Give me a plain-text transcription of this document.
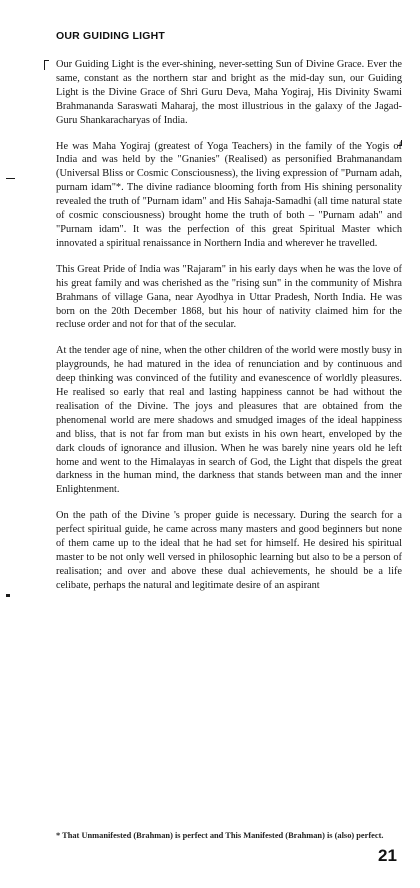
OUR GUIDING LIGHT

Our Guiding Light is the ever-shining, never-setting Sun of Divine Grace. Ever the same, constant as the northern star and bright as the mid-day sun, our Guiding Light is the Divine Grace of Shri Guru Deva, Maha Yogiraj, His Divinity Swami Brahmananda Saraswati Maharaj, the most illustrious in the galaxy of the Jagad-Guru Shankaracharyas of India.

He was Maha Yogiraj (greatest of Yoga Teachers) in the family of the Yogis of India and was held by the "Gnanies" (Realised) as personified Brahmanandam (Universal Bliss or Cosmic Consciousness), the living expression of "Purnam adah, purnam idam"*. The divine radiance blooming forth from His shining personality revealed the truth of "Purnam idam" and His Sahaja-Samadhi (all time natural state of cosmic consciousness) brought home the truth of both – "Purnam adah" and "Purnam idam". It was the perfection of this great Spiritual Master which innovated a spiritual renaissance in Northern India and wherever he travelled.

This Great Pride of India was "Rajaram" in his early days when he was the love of his great family and was cherished as the "rising sun" in the community of Mishra Brahmans of village Gana, near Ayodhya in Uttar Pradesh, North India. He was born on the 20th December 1868, but his hour of nativity claimed him for the recluse order and not for that of the secular.

At the tender age of nine, when the other children of the world were mostly busy in playgrounds, he had matured in the idea of renunciation and by continuous and deep thinking was convinced of the futility and evanescence of worldly pleasures. He realised so early that real and lasting happiness cannot be had without the realisation of the Divine. The joys and pleasures that are obtained from the phenomenal world are mere shadows and smudged images of the ideal happiness and bliss, that is not far from man but exists in his own heart, enveloped by the dark clouds of ignorance and illusion. When he was barely nine years old he left home and went to the Himalayas in search of God, the Light that dispels the great darkness in the human mind, the darkness that stands between man and the inner Enlightenment.

On the path of the Divine 's proper guide is necessary. During the search for a perfect spiritual guide, he came across many masters and good beginners but none of them came up to the ideal that he had set for himself. He desired his spiritual master to be not only well versed in philosophic learning but also to be a person of realisation; and over and above these dual achievements, he should be a life celibate, perhaps the natural and legitimate desire of an aspirant

* That Unmanifested (Brahman) is perfect and This Manifested (Brahman) is (also) perfect.
21
